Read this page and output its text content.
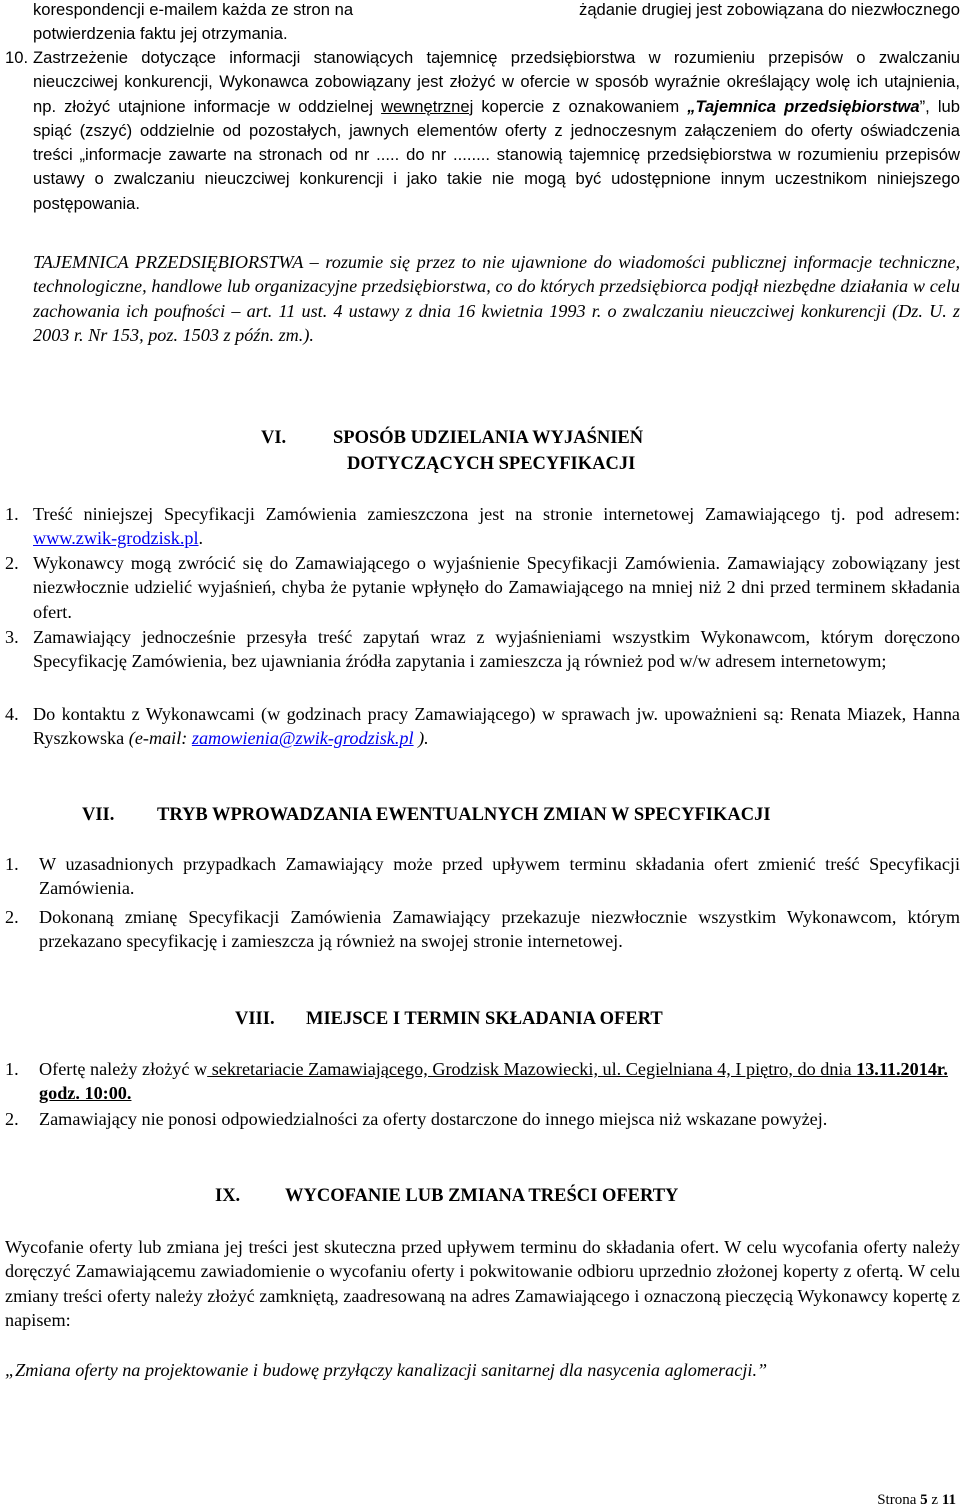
korespondencji e-mailem każda ze stron na	żądanie drugiej jest zobowiązana do niezwłocznego
potwierdzenia faktu jej otrzymania.
10. Zastrzeżenie dotyczące informacji stanowiących tajemnicę przedsiębiorstwa w rozumieniu przepisów o zwalczaniu nieuczciwej konkurencji, Wykonawca zobowiązany jest złożyć w ofercie w sposób wyraźnie określający wolę ich utajnienia, np. złożyć utajnione informacje w oddzielnej wewnętrznej kopercie z oznakowaniem „Tajemnica przedsiębiorstwa”, lub spiąć (zszyć) oddzielnie od pozostałych, jawnych elementów oferty z jednoczesnym załączeniem do oferty oświadczenia treści „informacje zawarte na stronach od nr ..... do nr ........ stanowią tajemnicę przedsiębiorstwa w rozumieniu przepisów ustawy o zwalczaniu nieuczciwej konkurencji i jako takie nie mogą być udostępnione innym uczestnikom niniejszego postępowania.
TAJEMNICA PRZEDSIĘBIORSTWA – rozumie się przez to nie ujawnione do wiadomości publicznej informacje techniczne, technologiczne, handlowe lub organizacyjne przedsiębiorstwa, co do których przedsiębiorca podjął niezbędne działania w celu zachowania ich poufności – art. 11 ust. 4 ustawy z dnia 16 kwietnia 1993 r. o zwalczaniu nieuczciwej konkurencji (Dz. U. z 2003 r. Nr 153, poz. 1503 z późn. zm.).
VI.	SPOSÓB UDZIELANIA WYJAŚNIEŃ
DOTYCZĄCYCH SPECYFIKACJI
1. Treść niniejszej Specyfikacji Zamówienia zamieszczona jest na stronie internetowej Zamawiającego tj. pod adresem: www.zwik-grodzisk.pl.
2. Wykonawcy mogą zwrócić się do Zamawiającego o wyjaśnienie Specyfikacji Zamówienia. Zamawiający zobowiązany jest niezwłocznie udzielić wyjaśnień, chyba że pytanie wpłynęło do Zamawiającego na mniej niż 2 dni przed terminem składania ofert.
3. Zamawiający jednocześnie przesyła treść zapytań wraz z wyjaśnieniami wszystkim Wykonawcom, którym doręczono Specyfikację Zamówienia, bez ujawniania źródła zapytania i zamieszcza ją również pod w/w adresem internetowym;
4. Do kontaktu z Wykonawcami (w godzinach pracy Zamawiającego) w sprawach jw. upoważnieni są: Renata Miazek, Hanna Ryszkowska (e-mail: zamowienia@zwik-grodzisk.pl ).
VII. TRYB WPROWADZANIA EWENTUALNYCH ZMIAN W SPECYFIKACJI
1. W uzasadnionych przypadkach Zamawiający może przed upływem terminu składania ofert zmienić treść Specyfikacji Zamówienia.
2. Dokonaną zmianę Specyfikacji Zamówienia Zamawiający przekazuje niezwłocznie wszystkim Wykonawcom, którym przekazano specyfikację i zamieszcza ją również na swojej stronie internetowej.
VIII. MIEJSCE I TERMIN SKŁADANIA OFERT
1. Ofertę należy złożyć w sekretariacie Zamawiającego, Grodzisk Mazowiecki, ul. Cegielniana 4, I piętro, do dnia 13.11.2014r. godz. 10:00.
2. Zamawiający nie ponosi odpowiedzialności za oferty dostarczone do innego miejsca niż wskazane powyżej.
IX. WYCOFANIE LUB ZMIANA TREŚCI OFERTY
Wycofanie oferty lub zmiana jej treści jest skuteczna przed upływem terminu do składania ofert. W celu wycofania oferty należy doręczyć Zamawiającemu zawiadomienie o wycofaniu oferty i pokwitowanie odbioru uprzednio złożonej koperty z ofertą. W celu zmiany treści oferty należy złożyć zamkniętą, zaadresowaną na adres Zamawiającego i oznaczoną pieczęcią Wykonawcy kopertę z napisem:
„Zmiana oferty na projektowanie i budowę przyłączy kanalizacji sanitarnej dla nasycenia aglomeracji.”
Strona 5 z 11
